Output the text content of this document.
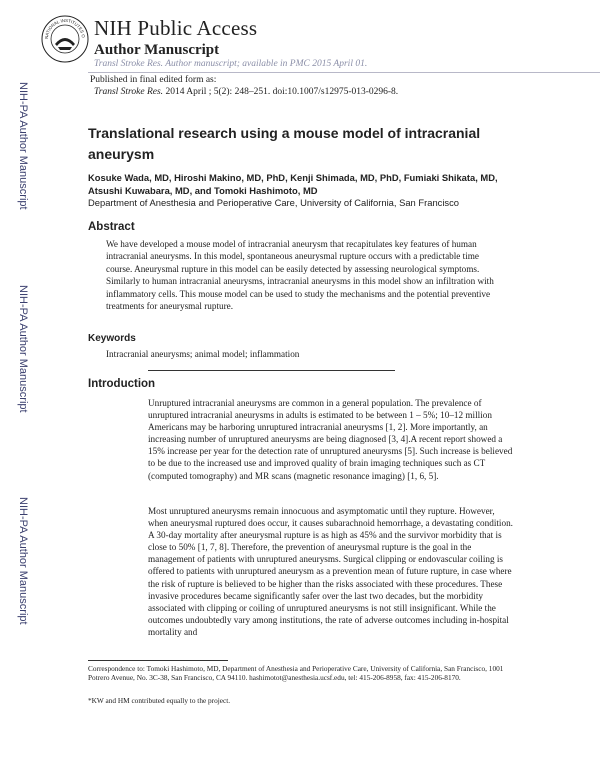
NATIONAL INSTITUTES O NIH Public Access
Author Manuscript
Transl Stroke Res. Author manuscript; available in PMC 2015 April 01.
Published in final edited form as:
Transl Stroke Res. 2014 April ; 5(2): 248–251. doi:10.1007/s12975-013-0296-8.
NIH-PA Author Manuscript
NIH-PA Author Manuscript
NIH-PA Author Manuscript
Translational research using a mouse model of intracranial aneurysm
Kosuke Wada, MD, Hiroshi Makino, MD, PhD, Kenji Shimada, MD, PhD, Fumiaki Shikata, MD, Atsushi Kuwabara, MD, and Tomoki Hashimoto, MD
Department of Anesthesia and Perioperative Care, University of California, San Francisco
Abstract
We have developed a mouse model of intracranial aneurysm that recapitulates key features of human intracranial aneurysms. In this model, spontaneous aneurysmal rupture occurs with a predictable time course. Aneurysmal rupture in this model can be easily detected by assessing neurological symptoms. Similarly to human intracranial aneurysms, intracranial aneurysms in this model show an infiltration with inflammatory cells. This mouse model can be used to study the mechanisms and the potential preventive treatments for aneurysmal rupture.
Keywords
Intracranial aneurysms; animal model; inflammation
Introduction
Unruptured intracranial aneurysms are common in a general population. The prevalence of unruptured intracranial aneurysms in adults is estimated to be between 1 – 5%; 10–12 million Americans may be harboring unruptured intracranial aneurysms [1, 2]. More importantly, an increasing number of unruptured aneurysms are being diagnosed [3, 4].A recent report showed a 15% increase per year for the detection rate of unruptured aneurysms [5]. Such increase is believed to be due to the increased use and improved quality of brain imaging techniques such as CT (computed tomography) and MR scans (magnetic resonance imaging) [1, 6, 5].
Most unruptured aneurysms remain innocuous and asymptomatic until they rupture. However, when aneurysmal ruptured does occur, it causes subarachnoid hemorrhage, a devastating condition. A 30-day mortality after aneurysmal rupture is as high as 45% and the survivor morbidity that is close to 50% [1, 7, 8]. Therefore, the prevention of aneurysmal rupture is the goal in the management of patients with unruptured aneurysms. Surgical clipping or endovascular coiling is offered to patients with unruptured aneurysm as a prevention mean of future rupture, in case where the risk of rupture is believed to be higher than the risks associated with these procedures. These invasive procedures became significantly safer over the last two decades, but the morbidity associated with clipping or coiling of unruptured aneurysms is not still insignificant. While the outcomes undoubtedly vary among institutions, the rate of adverse outcomes including in-hospital mortality and
Correspondence to: Tomoki Hashimoto, MD, Department of Anesthesia and Perioperative Care, University of California, San Francisco, 1001 Potrero Avenue, No. 3C-38, San Francisco, CA 94110. hashimotot@anesthesia.ucsf.edu, tel: 415-206-8958, fax: 415-206-8170.
*KW and HM contributed equally to the project.
